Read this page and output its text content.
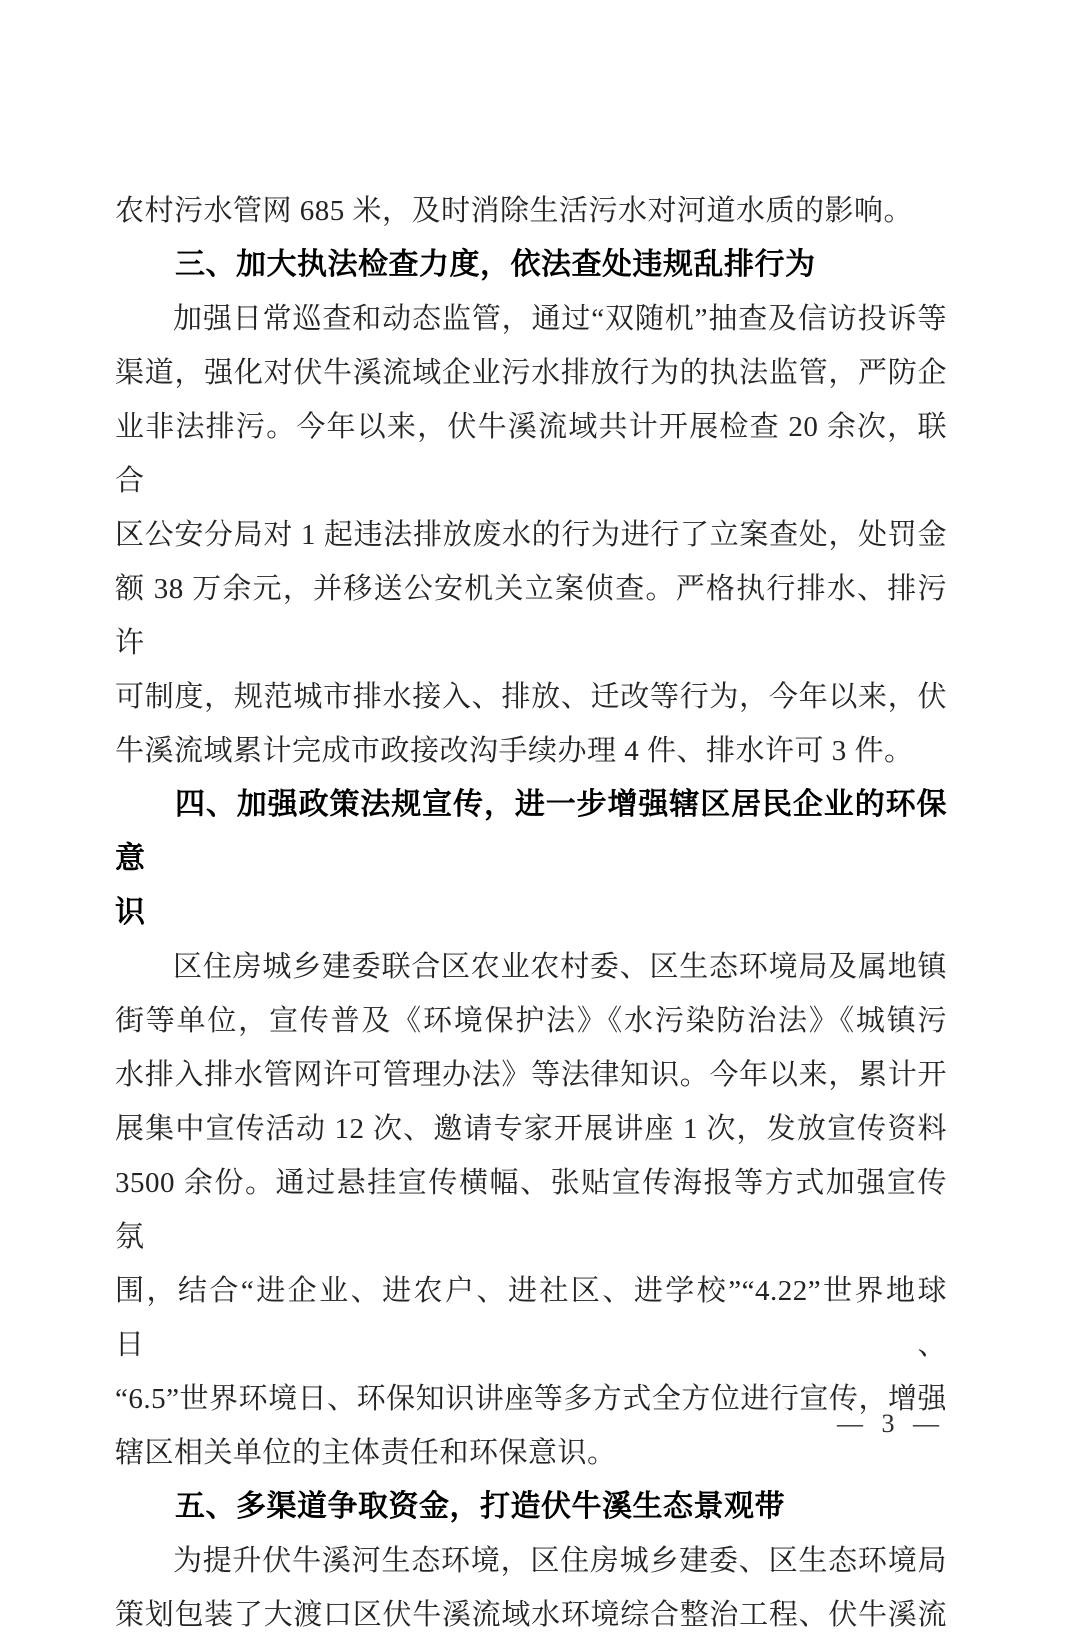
农村污水管网 685 米，及时消除生活污水对河道水质的影响。
三、加大执法检查力度，依法查处违规乱排行为
加强日常巡查和动态监管，通过“双随机”抽查及信访投诉等
渠道，强化对伏牛溪流域企业污水排放行为的执法监管，严防企
业非法排污。今年以来，伏牛溪流域共计开展检查 20 余次，联合
区公安分局对 1 起违法排放废水的行为进行了立案查处，处罚金
额 38 万余元，并移送公安机关立案侦查。严格执行排水、排污许
可制度，规范城市排水接入、排放、迁改等行为，今年以来，伏
牛溪流域累计完成市政接改沟手续办理 4 件、排水许可 3 件。
四、加强政策法规宣传，进一步增强辖区居民企业的环保意
识
区住房城乡建委联合区农业农村委、区生态环境局及属地镇
街等单位，宣传普及《环境保护法》《水污染防治法》《城镇污
水排入排水管网许可管理办法》等法律知识。今年以来，累计开
展集中宣传活动 12 次、邀请专家开展讲座 1 次，发放宣传资料
3500 余份。通过悬挂宣传横幅、张贴宣传海报等方式加强宣传氛
围，结合“进企业、进农户、进社区、进学校”“4.22”世界地球日、
“6.5”世界环境日、环保知识讲座等多方式全方位进行宣传，增强
辖区相关单位的主体责任和环保意识。
五、多渠道争取资金，打造伏牛溪生态景观带
为提升伏牛溪河生态环境，区住房城乡建委、区生态环境局
策划包装了大渡口区伏牛溪流域水环境综合整治工程、伏牛溪流
— 3 —
